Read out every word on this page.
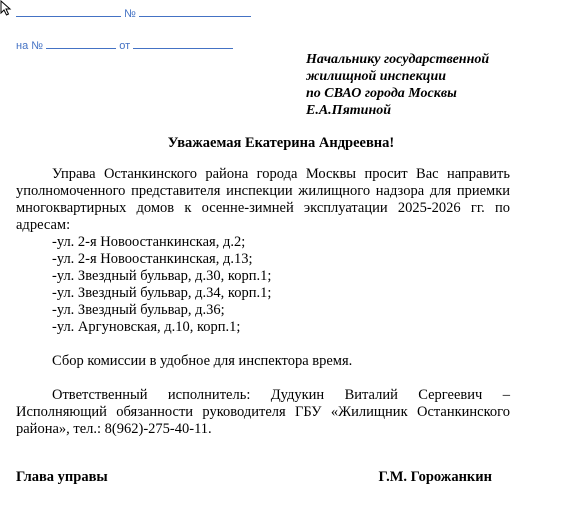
№
на №	от
Начальнику государственной
жилищной инспекции
по СВАО города Москвы
Е.А.Пятиной
Уважаемая Екатерина Андреевна!

Управа Останкинского района города Москвы просит Вас направить уполномоченного представителя инспекции жилищного надзора для приемки многоквартирных домов к осенне-зимней эксплуатации 2025-2026 гг. по адресам:

-ул. 2-я Новоостанкинская, д.2;
-ул. 2-я Новоостанкинская, д.13;
-ул. Звездный бульвар, д.30, корп.1;
-ул. Звездный бульвар, д.34, корп.1;
-ул. Звездный бульвар, д.36;
-ул. Аргуновская, д.10, корп.1;

Сбор комиссии в удобное для инспектора время.

Ответственный исполнитель: Дудукин Виталий Сергеевич – Исполняющий обязанности руководителя ГБУ «Жилищник Останкинского района», тел.: 8(962)-275-40-11.

Глава управы	Г.М. Горожанкин
